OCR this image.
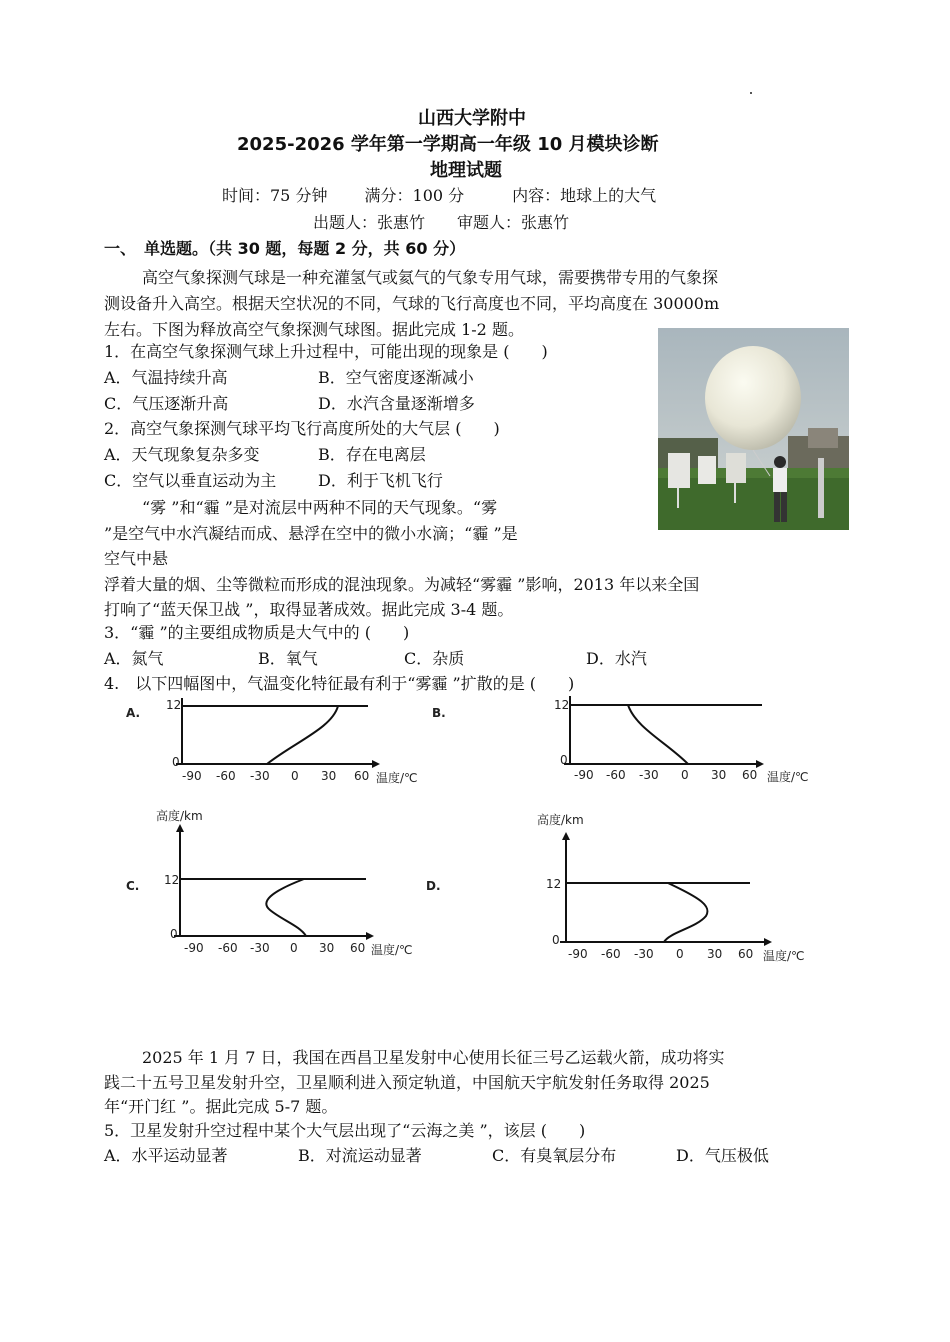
山西大学附中
2025-2026 学年第一学期高一年级 10 月模块诊断
地理试题
时间：75 分钟　　 满分：100 分　　　内容：地球上的大气
出题人：张惠竹　　审题人：张惠竹
一、　单选题。（共 30 题，每题 2 分，共 60 分）
高空气象探测气球是一种充灌氢气或氦气的气象专用气球，需要携带专用的气象探
测设备升入高空。根据天空状况的不同，气球的飞行高度也不同，平均高度在 30000m
左右。下图为释放高空气象探测气球图。据此完成 1-2 题。
1．在高空气象探测气球上升过程中，可能出现的现象是 (　　)
A．气温持续升高	B．空气密度逐渐减小
C．气压逐渐升高	D．水汽含量逐渐增多
2．高空气象探测气球平均飞行高度所处的大气层 (　　)
A．天气现象复杂多变	B．存在电离层
C．空气以垂直运动为主	D．利于飞机飞行
“雾 ”和“霾 ”是对流层中两种不同的天气现象。“雾
”是空气中水汽凝结而成、悬浮在空中的微小水滴；“霾 ”是
空气中悬
浮着大量的烟、尘等微粒而形成的混浊现象。为减轻“雾霾 ”影响，2013 年以来全国
打响了“蓝天保卫战 ”，取得显著成效。据此完成 3-4 题。
3．“霾 ”的主要组成物质是大气中的 (　　)
A．氮气	B．氧气	C．杂质	D．水汽
4.　以下四幅图中，气温变化特征最有利于“雾霾 ”扩散的是 (　　)
A.
12
0
-90 -60 -30 0 30 60 温度/℃
B.
12
0
-90 -60 -30 0 30 60 温度/℃
高度/km
C. 12
0
-90 -60 -30 0 30 60 温度/℃
高度/km
D.	12
0
-90 -60 -30 0 30 60 温度/℃
2025 年 1 月 7 日，我国在西昌卫星发射中心使用长征三号乙运载火箭，成功将实
践二十五号卫星发射升空，卫星顺利进入预定轨道，中国航天宇航发射任务取得 2025
年“开门红 ”。据此完成 5-7 题。
5．卫星发射升空过程中某个大气层出现了“云海之美 ”，该层 (　　)
A．水平运动显著	B．对流运动显著	C．有臭氧层分布	D．气压极低
